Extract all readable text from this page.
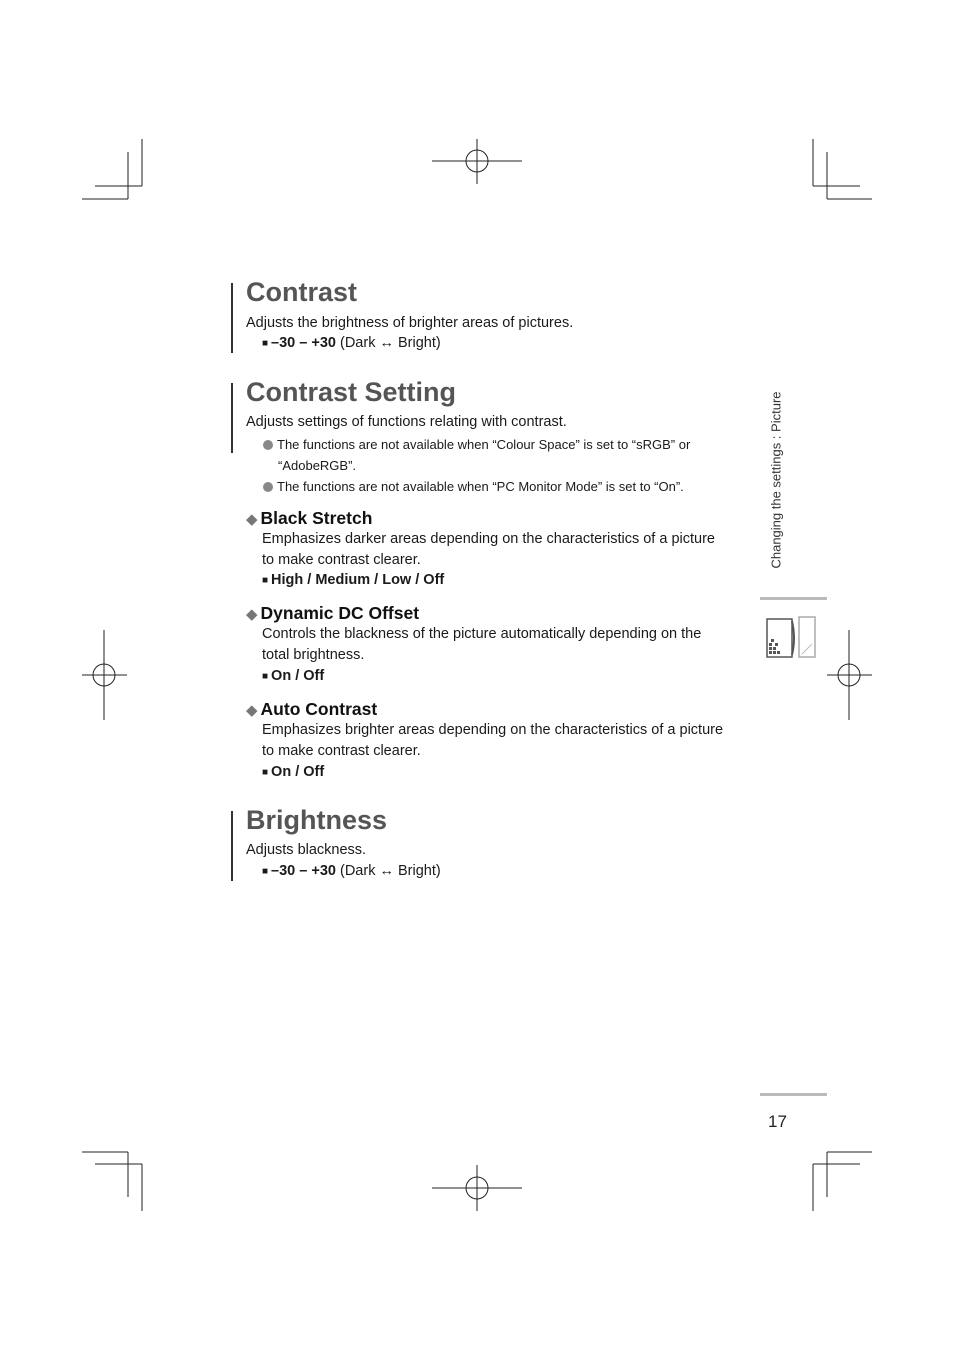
Contrast

Adjusts the brightness of brighter areas of pictures.

■ –30 – +30 (Dark ↔ Bright)

Contrast Setting

Adjusts settings of functions relating with contrast.

The functions are not available when “Colour Space” is set to “sRGB” or
“AdobeRGB”.
The functions are not available when “PC Monitor Mode” is set to “On”.
◆ Black Stretch

Emphasizes darker areas depending on the characteristics of a picture
to make contrast clearer.

■ High / Medium / Low / Off

◆ Dynamic DC Offset

Controls the blackness of the picture automatically depending on the
total brightness.

■ On / Off

◆ Auto Contrast

Emphasizes brighter areas depending on the characteristics of a picture
to make contrast clearer.

■ On / Off

Brightness

Adjusts blackness.

■ –30 – +30 (Dark ↔ Bright)

Changing the settings : Picture
17
